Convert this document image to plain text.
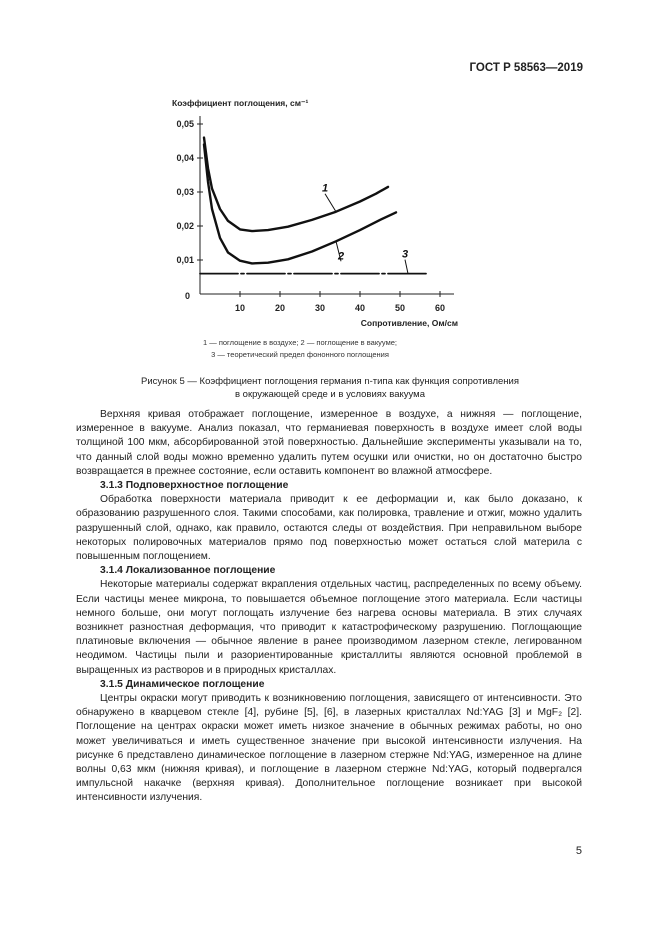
ГОСТ Р 58563—2019
0,01
0,02
0,03
0,04
0,05
10	20	30	40	50	60
0
Коэффициент поглощения, см⁻¹
Сопротивление, Ом/см
1
2	3
1 — поглощение в воздухе; 2 — поглощение в вакууме;
3 — теоретический предел фононного поглощения
Рисунок 5 — Коэффициент поглощения германия n-типа как функция сопротивления
в окружающей среде и в условиях вакуума

Верхняя кривая отображает поглощение, измеренное в воздухе, а нижняя — поглощение, измеренное в вакууме. Анализ показал, что германиевая поверхность в воздухе имеет слой воды толщиной 100 мкм, абсорбированной этой поверхностью. Дальнейшие эксперименты указывали на то, что данный слой воды можно временно удалить путем осушки или очистки, но он достаточно быстро возвращается в прежнее состояние, если оставить компонент во влажной атмосфере.

3.1.3 Подповерхностное поглощение

Обработка поверхности материала приводит к ее деформации и, как было доказано, к образованию разрушенного слоя. Такими способами, как полировка, травление и отжиг, можно удалить разрушенный слой, однако, как правило, остаются следы от воздействия. При неправильном выборе некоторых полировочных материалов прямо под поверхностью может остаться слой материла с повышенным поглощением.

3.1.4 Локализованное поглощение

Некоторые материалы содержат вкрапления отдельных частиц, распределенных по всему объему. Если частицы менее микрона, то повышается объемное поглощение этого материала. Если частицы немного больше, они могут поглощать излучение без нагрева основы материала. В этих случаях возникнет разностная деформация, что приводит к катастрофическому разрушению. Поглощающие платиновые включения — обычное явление в ранее производимом лазерном стекле, легированном неодимом. Частицы пыли и разориентированные кристаллиты являются основной проблемой в выращенных из растворов и в природных кристаллах.

3.1.5 Динамическое поглощение

Центры окраски могут приводить к возникновению поглощения, зависящего от интенсивности. Это обнаружено в кварцевом стекле [4], рубине [5], [6], в лазерных кристаллах Nd:YAG [3] и MgF₂ [2]. Поглощение на центрах окраски может иметь низкое значение в обычных режимах работы, но оно может увеличиваться и иметь существенное значение при высокой интенсивности излучения. На рисунке 6 представлено динамическое поглощение в лазерном стержне Nd:YAG, измеренное на длине волны 0,63 мкм (нижняя кривая), и поглощение в лазерном стержне Nd:YAG, который подвергался импульсной накачке (верхняя кривая). Дополнительное поглощение возникает при высокой интенсивности излучения.

5
